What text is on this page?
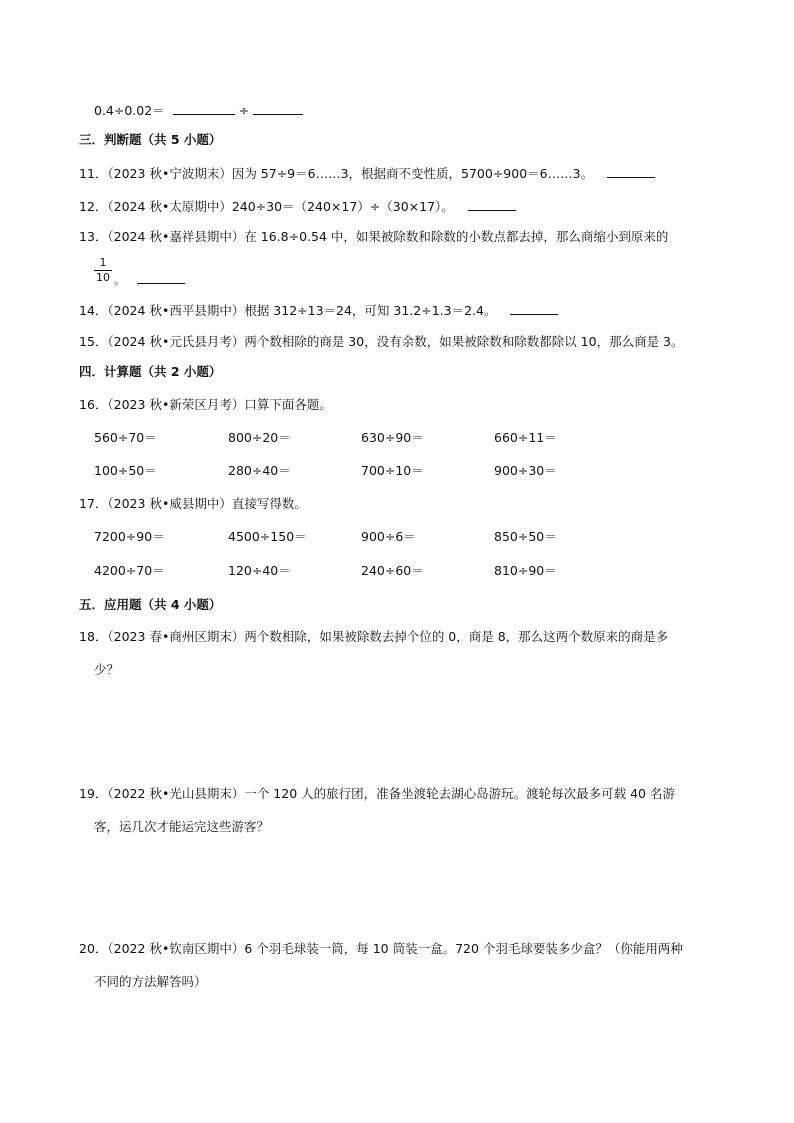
0.4÷0.02＝	÷
三．判断题（共 5 小题）
11．（2023 秋•宁波期末）因为 57÷9＝6……3，根据商不变性质，5700÷900＝6……3。
12．（2024 秋•太原期中）240÷30＝（240×17）÷（30×17）。
13．（2024 秋•嘉祥县期中）在 16.8÷0.54 中，如果被除数和除数的小数点都去掉，那么商缩小到原来的
1
10 。
14．（2024 秋•西平县期中）根据 312÷13＝24，可知 31.2÷1.3＝2.4。
15．（2024 秋•元氏县月考）两个数相除的商是 30，没有余数，如果被除数和除数都除以 10，那么商是 3。
四．计算题（共 2 小题）
16．（2023 秋•新荣区月考）口算下面各题。
560÷70＝	800÷20＝	630÷90＝	660÷11＝
100÷50＝	280÷40＝	700÷10＝	900÷30＝
17．（2023 秋•威县期中）直接写得数。
7200÷90＝	4500÷150＝	900÷6＝	850÷50＝
4200÷70＝	120÷40＝	240÷60＝	810÷90＝
五．应用题（共 4 小题）
18．（2023 春•商州区期末）两个数相除，如果被除数去掉个位的 0，商是 8，那么这两个数原来的商是多
少？
19．（2022 秋•光山县期末）一个 120 人的旅行团，准备坐渡轮去湖心岛游玩。渡轮每次最多可载 40 名游
客，运几次才能运完这些游客？
20．（2022 秋•钦南区期中）6 个羽毛球装一筒，每 10 筒装一盒。720 个羽毛球要装多少盒？（你能用两种
不同的方法解答吗）
